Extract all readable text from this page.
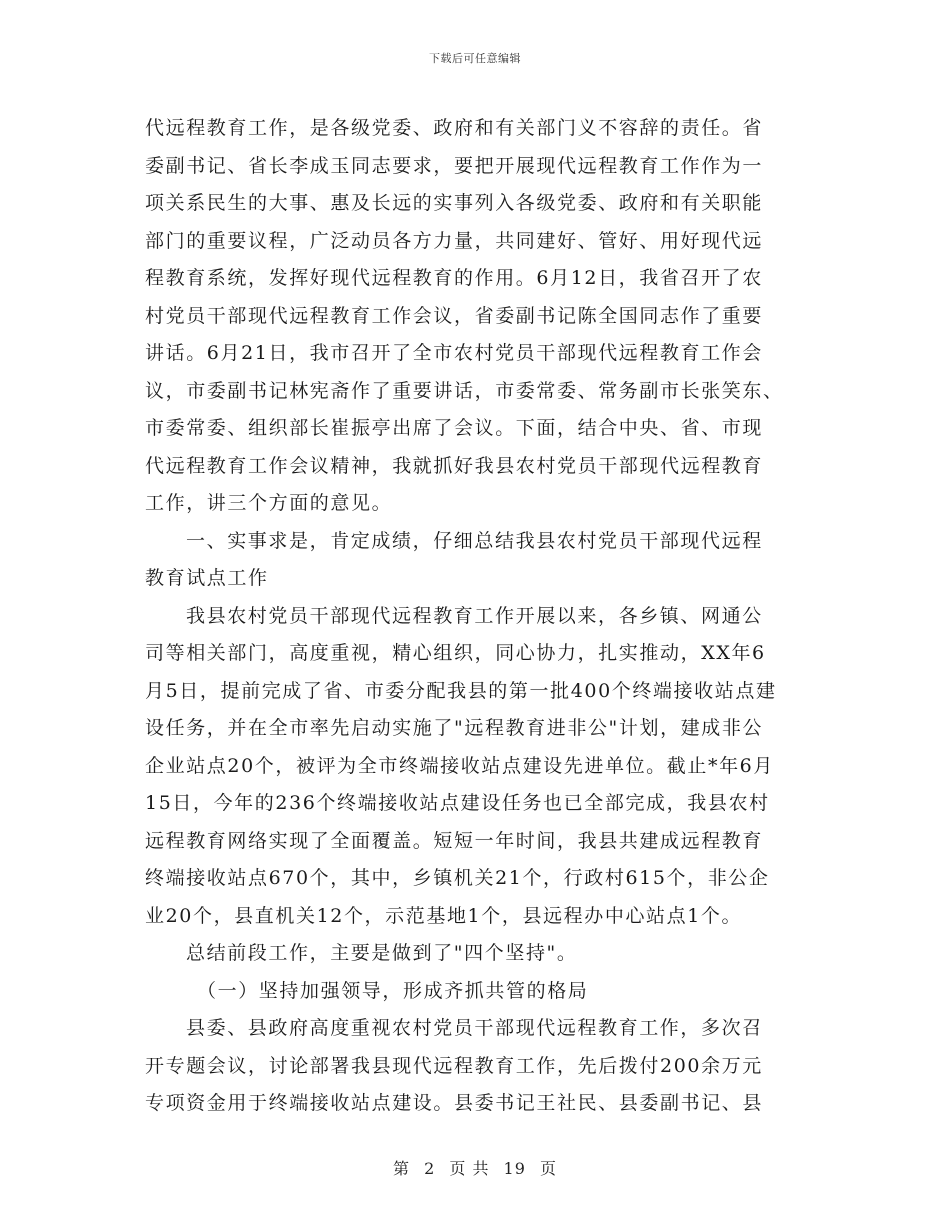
下载后可任意编辑
代远程教育工作，是各级党委、政府和有关部门义不容辞的责任。省
委副书记、省长李成玉同志要求，要把开展现代远程教育工作作为一
项关系民生的大事、惠及长远的实事列入各级党委、政府和有关职能
部门的重要议程，广泛动员各方力量，共同建好、管好、用好现代远
程教育系统，发挥好现代远程教育的作用。6月12日，我省召开了农
村党员干部现代远程教育工作会议，省委副书记陈全国同志作了重要
讲话。6月21日，我市召开了全市农村党员干部现代远程教育工作会
议，市委副书记林宪斋作了重要讲话，市委常委、常务副市长张笑东、
市委常委、组织部长崔振亭出席了会议。下面，结合中央、省、市现
代远程教育工作会议精神，我就抓好我县农村党员干部现代远程教育
工作，讲三个方面的意见。
一、实事求是，肯定成绩，仔细总结我县农村党员干部现代远程
教育试点工作
我县农村党员干部现代远程教育工作开展以来，各乡镇、网通公
司等相关部门，高度重视，精心组织，同心协力，扎实推动，XX年6
月5日，提前完成了省、市委分配我县的第一批400个终端接收站点建
设任务，并在全市率先启动实施了"远程教育进非公"计划，建成非公
企业站点20个，被评为全市终端接收站点建设先进单位。截止*年6月
15日，今年的236个终端接收站点建设任务也已全部完成，我县农村
远程教育网络实现了全面覆盖。短短一年时间，我县共建成远程教育
终端接收站点670个，其中，乡镇机关21个，行政村615个，非公企
业20个，县直机关12个，示范基地1个，县远程办中心站点1个。
总结前段工作，主要是做到了"四个坚持"。
（一）坚持加强领导，形成齐抓共管的格局
县委、县政府高度重视农村党员干部现代远程教育工作，多次召
开专题会议，讨论部署我县现代远程教育工作，先后拨付200余万元
专项资金用于终端接收站点建设。县委书记王社民、县委副书记、县
第 2 页 共 19 页
